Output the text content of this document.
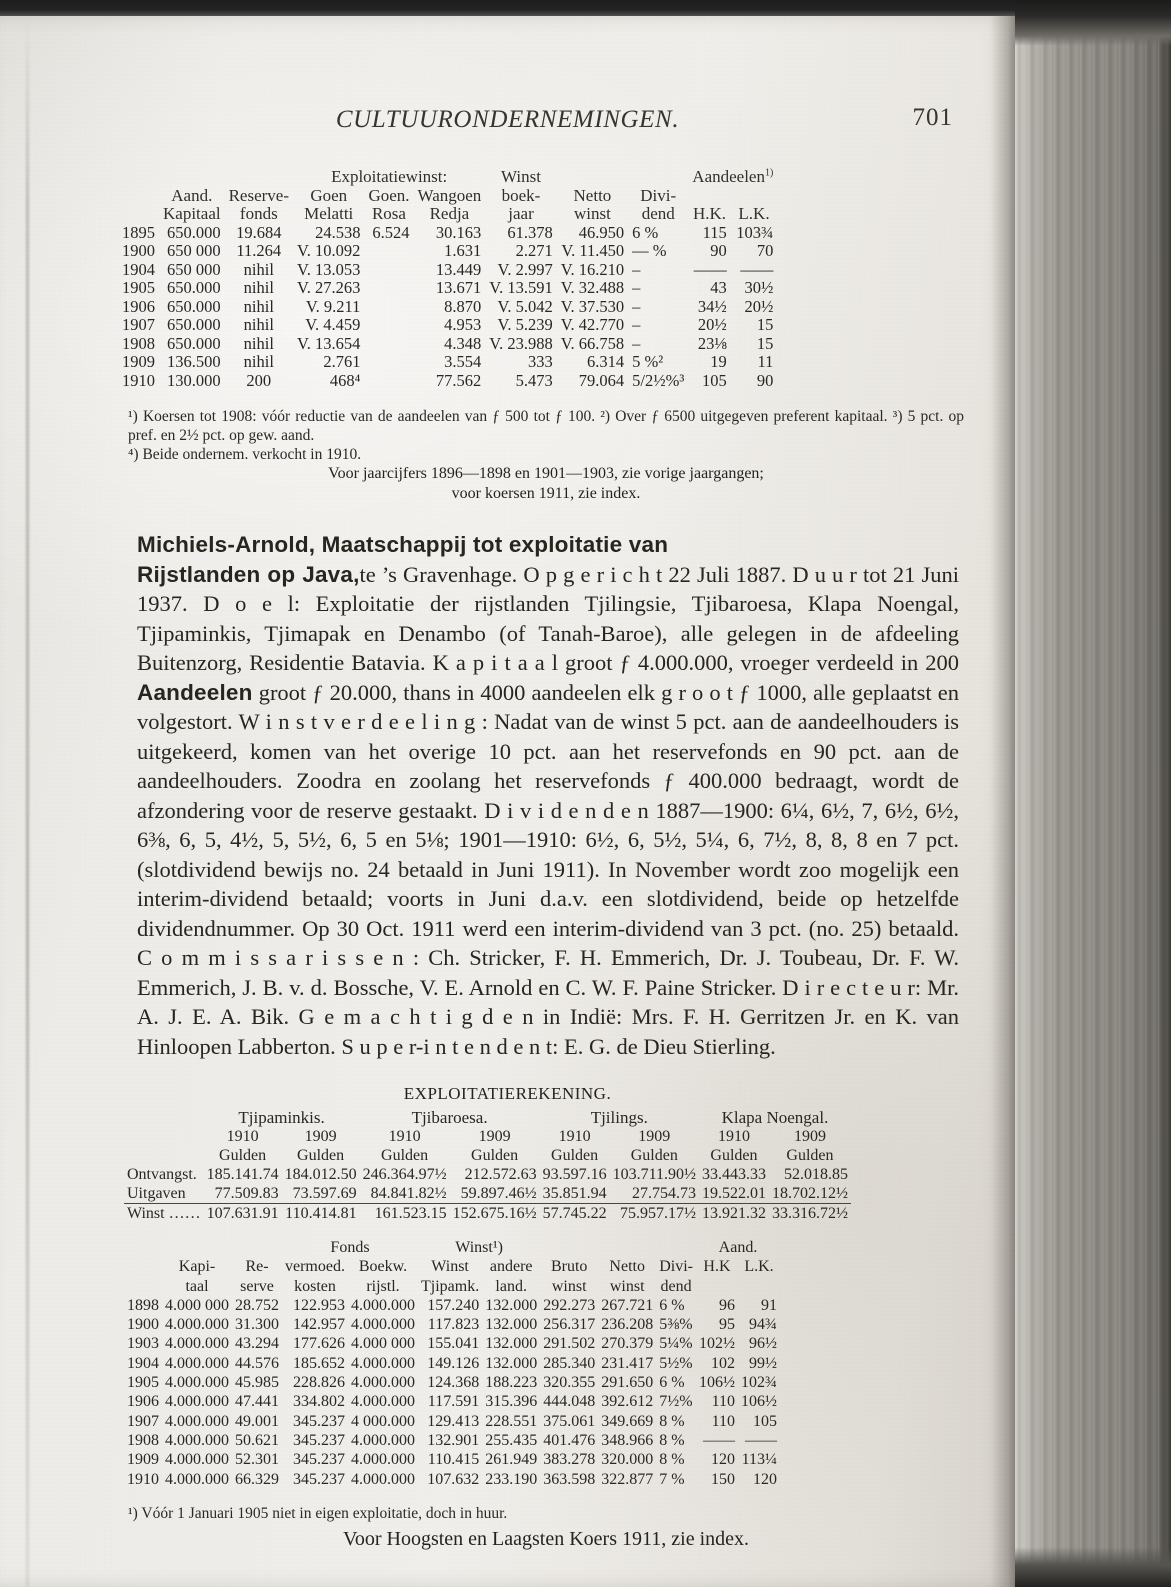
CULTUURONDERNEMINGEN.	701
			Exploitatiewinst:			Winst			Aandeelen$^{1)}$
	Aand.	Reserve-	Goen	Goen.	Wangoen	boek-	Netto	Divi-		
	Kapitaal	fonds	Melatti	Rosa	Redja	jaar	winst	dend	H.K.	L.K.
1895	650.000	19.684	24.538	6.524	30.163	61.378	46.950	6 %	115	103¾
1900	650 000	11.264	V. 10.092		1.631	2.271	V. 11.450	— %	90	70
1904	650 000	nihil	V. 13.053		13.449	V. 2.997	V. 16.210	–	——	——
1905	650.000	nihil	V. 27.263		13.671	V. 13.591	V. 32.488	–	43	30½
1906	650.000	nihil	V. 9.211		8.870	V. 5.042	V. 37.530	–	34½	20½
1907	650.000	nihil	V. 4.459		4.953	V. 5.239	V. 42.770	–	20½	15
1908	650.000	nihil	V. 13.654		4.348	V. 23.988	V. 66.758	–	23⅛	15
1909	136.500	nihil	2.761		3.554	333	6.314	5 %²	19	11
1910	130.000	200	468⁴		77.562	5.473	79.064	5/2½%³	105	90
¹) Koersen tot 1908: vóór reductie van de aandeelen van ƒ 500 tot ƒ 100. ²) Over ƒ 6500 uitgegeven preferent kapitaal. ³) 5 pct. op pref. en 2½ pct. op gew. aand.
⁴) Beide ondernem. verkocht in 1910.
Voor jaarcijfers 1896—1898 en 1901—1903, zie vorige jaargangen;
voor koersen 1911, zie index.

Michiels-Arnold, Maatschappij tot exploitatie van
Rijstlanden op Java,te ’s Gravenhage. O p g e r i c h t 22 Juli 1887. D u u r tot 21 Juni 1937. D o e l: Exploitatie der rijstlanden Tjilingsie, Tjibaroesa, Klapa Noengal, Tjipaminkis, Tjimapak en Denambo (of Tanah-Baroe), alle gelegen in de afdeeling Buitenzorg, Residentie Batavia. K a p i t a a l groot ƒ 4.000.000, vroeger verdeeld in 200 Aandeelen groot ƒ 20.000, thans in 4000 aandeelen elk g r o o t ƒ 1000, alle geplaatst en volgestort. W i n s t v e r d e e l i n g : Nadat van de winst 5 pct. aan de aandeelhouders is uitgekeerd, komen van het overige 10 pct. aan het reservefonds en 90 pct. aan de aandeelhouders. Zoodra en zoolang het reservefonds ƒ 400.000 bedraagt, wordt de afzondering voor de reserve gestaakt. D i v i d e n d e n 1887—1900: 6¼, 6½, 7, 6½, 6½, 6⅜, 6, 5, 4½, 5, 5½, 6, 5 en 5⅛; 1901—1910: 6½, 6, 5½, 5¼, 6, 7½, 8, 8, 8 en 7 pct. (slotdividend bewijs no. 24 betaald in Juni 1911). In November wordt zoo mogelijk een interim-dividend betaald; voorts in Juni d.a.v. een slotdividend, beide op hetzelfde dividendnummer. Op 30 Oct. 1911 werd een interim-dividend van 3 pct. (no. 25) betaald. C o m m i s s a r i s s e n : Ch. Stricker, F. H. Emmerich, Dr. J. Toubeau, Dr. F. W. Emmerich, J. B. v. d. Bossche, V. E. Arnold en C. W. F. Paine Stricker. D i r e c t e u r: Mr. A. J. E. A. Bik. G e m a c h t i g d e n in Indië: Mrs. F. H. Gerritzen Jr. en K. van Hinloopen Labberton. S u p e r-i n t e n d e n t: E. G. de Dieu Stierling.

EXPLOITATIEREKENING.
	Tjipaminkis.		Tjibaroesa.		Tjilings.		Klapa Noengal.	
	1910	1909	1910	1909	1910	1909	1910	1909
	Gulden	Gulden	Gulden	Gulden	Gulden	Gulden	Gulden	Gulden
Ontvangst.	185.141.74	184.012.50	246.364.97½	212.572.63	93.597.16	103.711.90½	33.443.33	52.018.85
Uitgaven	77.509.83	73.597.69	84.841.82½	59.897.46½	35.851.94	27.754.73	19.522.01	18.702.12½
Winst ……	107.631.91	110.414.81	161.523.15	152.675.16½	57.745.22	75.957.17½	13.921.32	33.316.72½
			Fonds		Winst¹)					Aand.	
	Kapi-	Re-	vermoed.	Boekw.	Winst	andere	Bruto	Netto	Divi-	H.K	L.K.
	taal	serve	kosten	rijstl.	Tjipamk.	land.	winst	winst	dend		
1898	4.000 000	28.752	122.953	4.000.000	157.240	132.000	292.273	267.721	6 %	96	91
1900	4.000.000	31.300	142.957	4.000.000	117.823	132.000	256.317	236.208	5⅜%	95	94¾
1903	4.000.000	43.294	177.626	4.000 000	155.041	132.000	291.502	270.379	5¼%	102½	96½
1904	4.000.000	44.576	185.652	4.000.000	149.126	132.000	285.340	231.417	5½%	102	99½
1905	4.000.000	45.985	228.826	4.000.000	124.368	188.223	320.355	291.650	6 %	106½	102¾
1906	4.000.000	47.441	334.802	4.000.000	117.591	315.396	444.048	392.612	7½%	110	106½
1907	4.000.000	49.001	345.237	4 000.000	129.413	228.551	375.061	349.669	8 %	110	105
1908	4.000.000	50.621	345.237	4.000.000	132.901	255.435	401.476	348.966	8 %	——	——
1909	4.000.000	52.301	345.237	4.000.000	110.415	261.949	383.278	320.000	8 %	120	113¼
1910	4.000.000	66.329	345.237	4.000.000	107.632	233.190	363.598	322.877	7 %	150	120
¹) Vóór 1 Januari 1905 niet in eigen exploitatie, doch in huur.
Voor Hoogsten en Laagsten Koers 1911, zie index.
